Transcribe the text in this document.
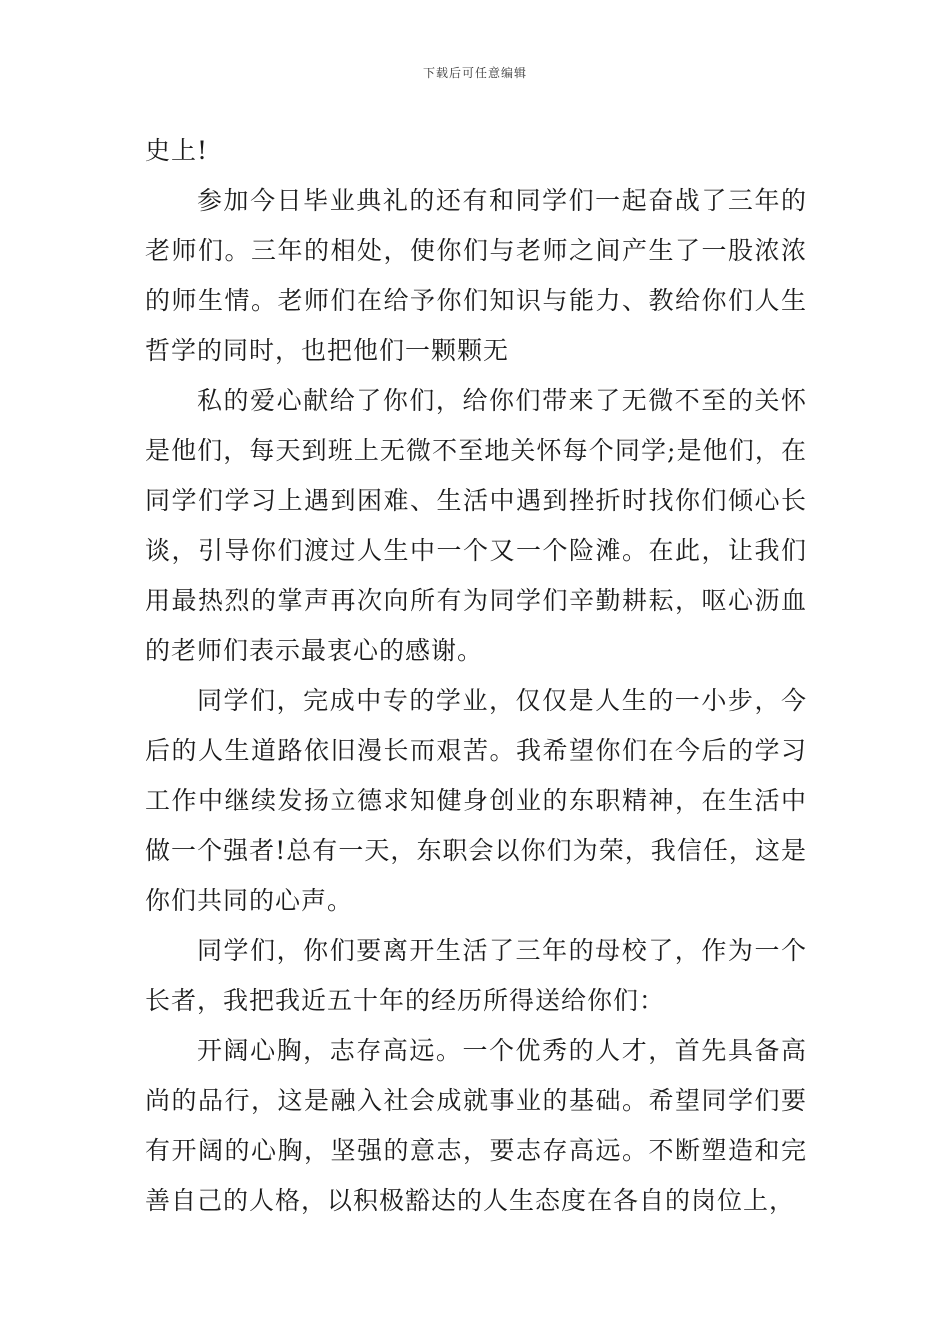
下载后可任意编辑

史上!

参加今日毕业典礼的还有和同学们一起奋战了三年的老师们。三年的相处，使你们与老师之间产生了一股浓浓的师生情。老师们在给予你们知识与能力、教给你们人生哲学的同时，也把他们一颗颗无

私的爱心献给了你们，给你们带来了无微不至的关怀是他们，每天到班上无微不至地关怀每个同学;是他们，在同学们学习上遇到困难、生活中遇到挫折时找你们倾心长谈，引导你们渡过人生中一个又一个险滩。在此，让我们用最热烈的掌声再次向所有为同学们辛勤耕耘，呕心沥血的老师们表示最衷心的感谢。

同学们，完成中专的学业，仅仅是人生的一小步，今后的人生道路依旧漫长而艰苦。我希望你们在今后的学习工作中继续发扬立德求知健身创业的东职精神，在生活中做一个强者!总有一天，东职会以你们为荣，我信任，这是你们共同的心声。

同学们，你们要离开生活了三年的母校了，作为一个长者，我把我近五十年的经历所得送给你们：

开阔心胸，志存高远。一个优秀的人才，首先具备高尚的品行，这是融入社会成就事业的基础。希望同学们要有开阔的心胸，坚强的意志，要志存高远。不断塑造和完善自己的人格，以积极豁达的人生态度在各自的岗位上，
